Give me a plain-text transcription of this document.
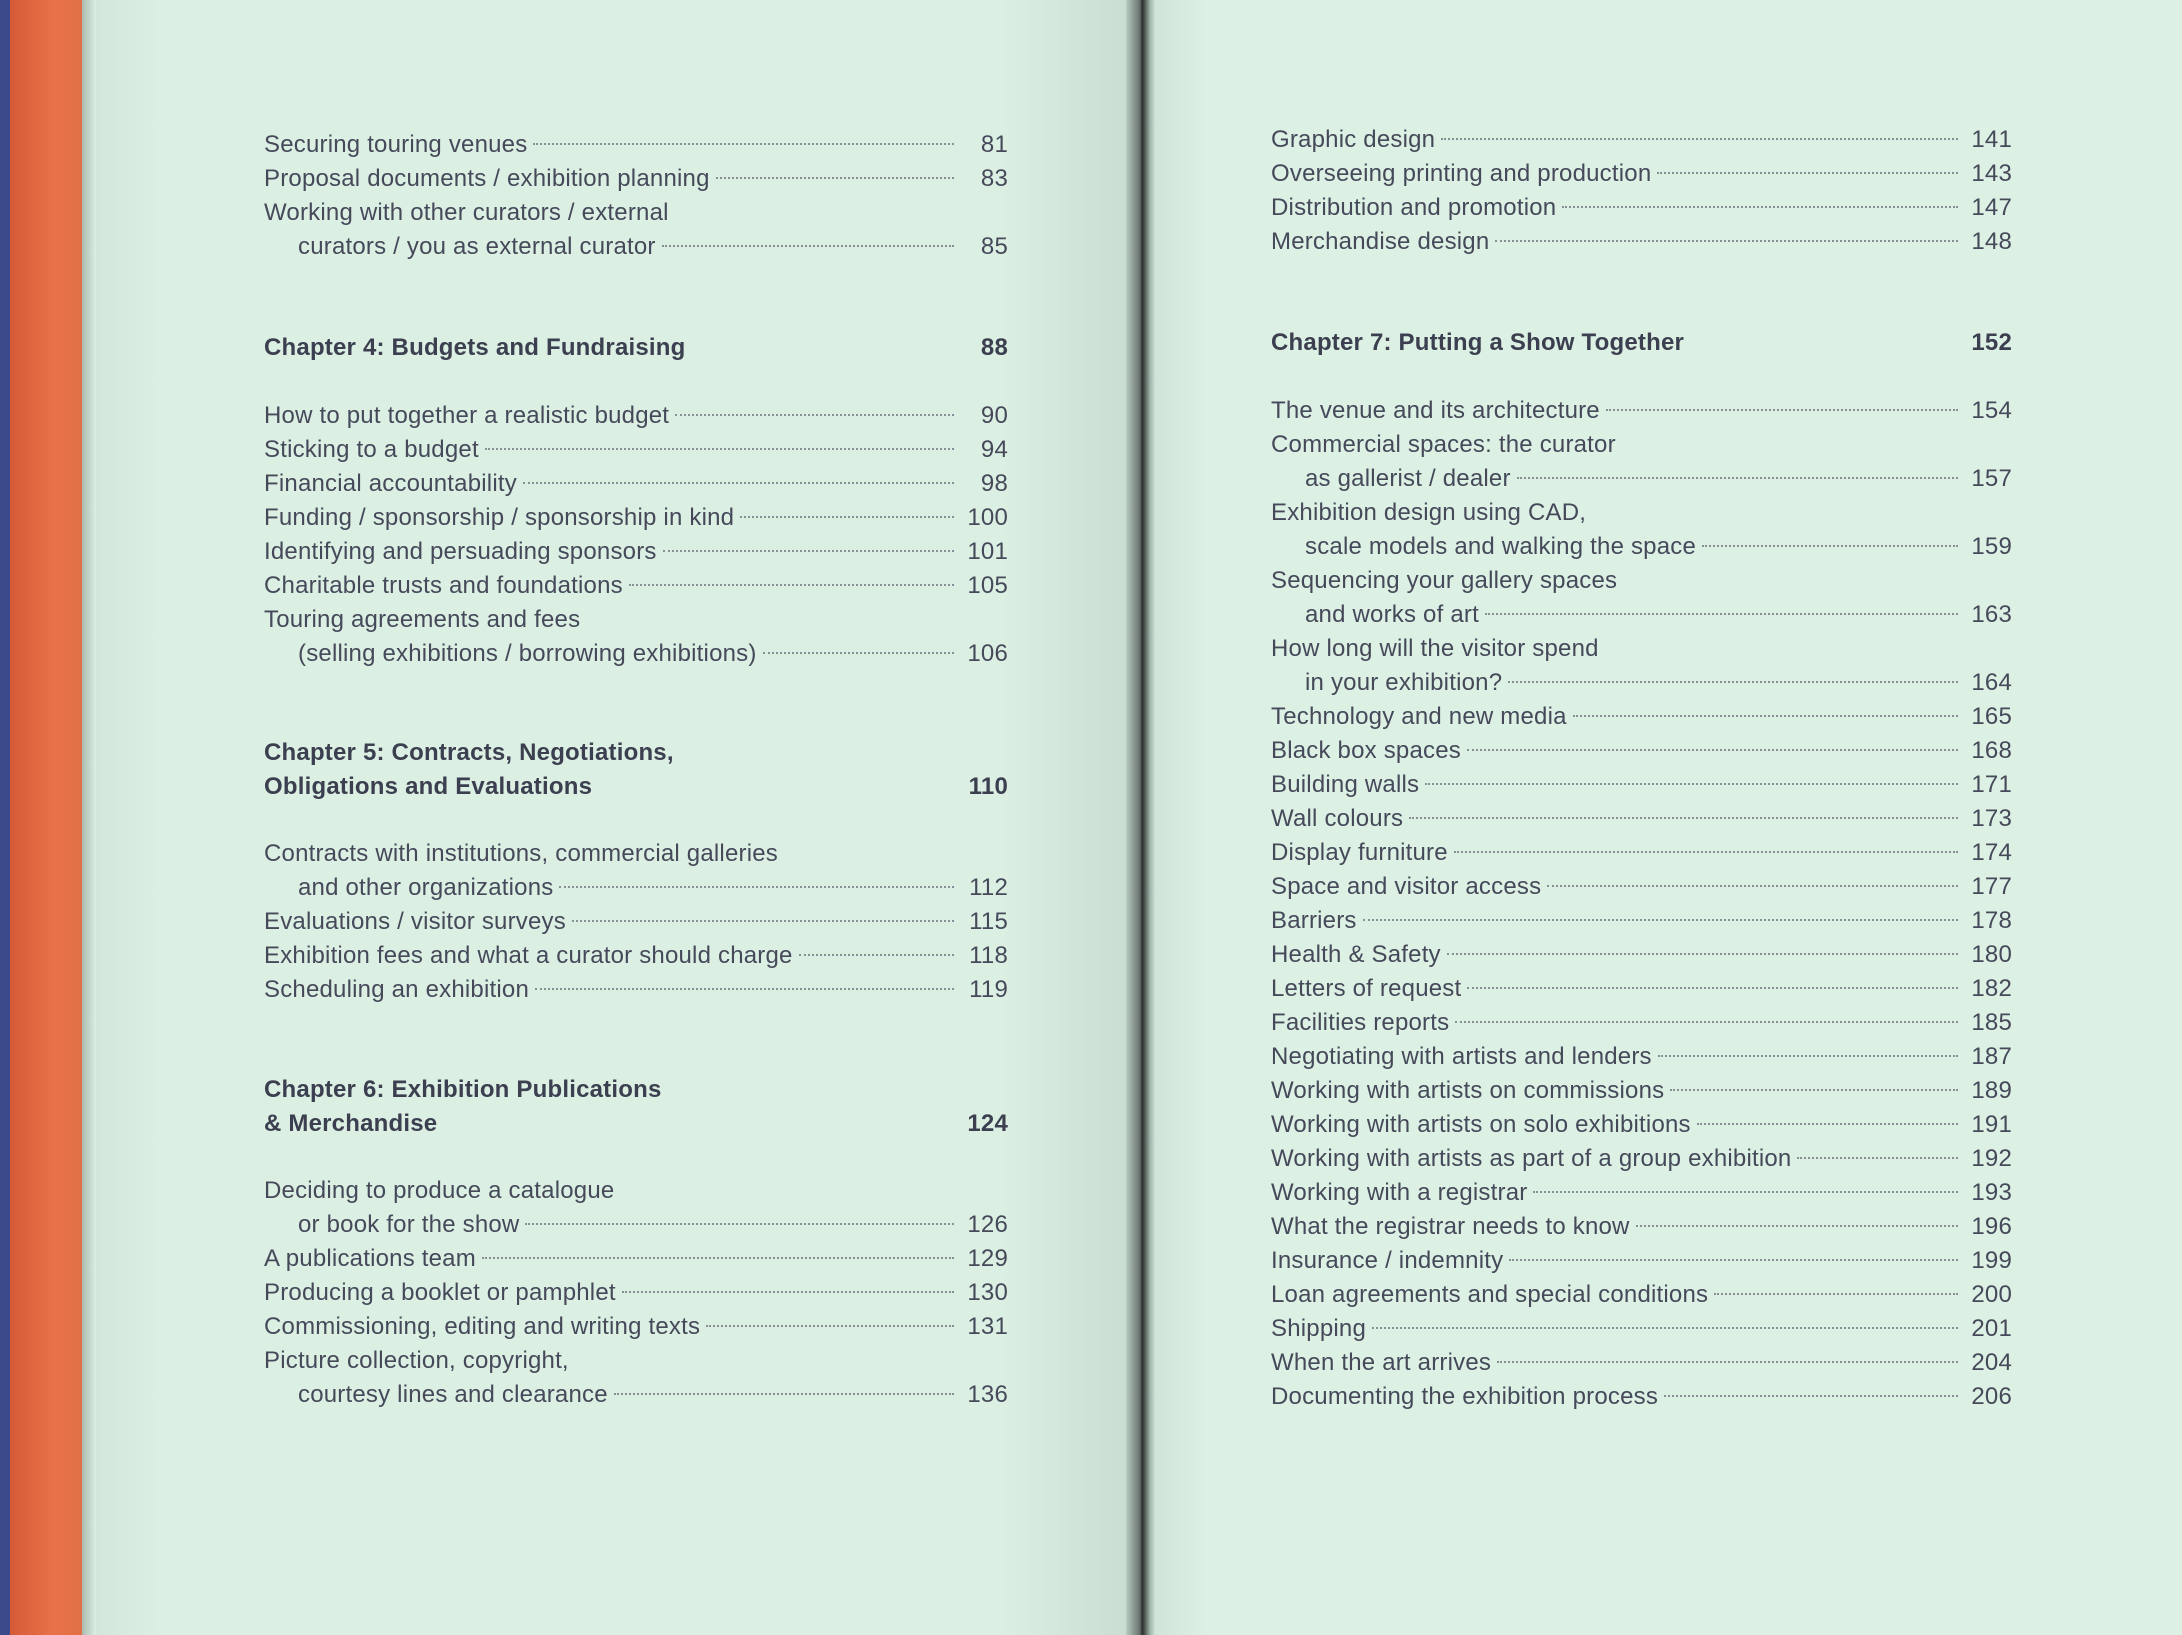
Securing touring venues	81
Proposal documents / exhibition planning	83
Working with other curators / external
curators / you as external curator	85
Chapter 4: Budgets and Fundraising	88
How to put together a realistic budget	90
Sticking to a budget	94
Financial accountability	98
Funding / sponsorship / sponsorship in kind	100
Identifying and persuading sponsors	101
Charitable trusts and foundations	105
Touring agreements and fees
(selling exhibitions / borrowing exhibitions)	106
Chapter 5: Contracts, Negotiations,
Obligations and Evaluations	110
Contracts with institutions, commercial galleries
and other organizations	112
Evaluations / visitor surveys	115
Exhibition fees and what a curator should charge	118
Scheduling an exhibition	119
Chapter 6: Exhibition Publications
& Merchandise	124
Deciding to produce a catalogue
or book for the show	126
A publications team	129
Producing a booklet or pamphlet	130
Commissioning, editing and writing texts	131
Picture collection, copyright,
courtesy lines and clearance	136
Graphic design	141
Overseeing printing and production	143
Distribution and promotion	147
Merchandise design	148
Chapter 7: Putting a Show Together	152
The venue and its architecture	154
Commercial spaces: the curator
as gallerist / dealer	157
Exhibition design using CAD,
scale models and walking the space	159
Sequencing your gallery spaces
and works of art	163
How long will the visitor spend
in your exhibition?	164
Technology and new media	165
Black box spaces	168
Building walls	171
Wall colours	173
Display furniture	174
Space and visitor access	177
Barriers	178
Health & Safety	180
Letters of request	182
Facilities reports	185
Negotiating with artists and lenders	187
Working with artists on commissions	189
Working with artists on solo exhibitions	191
Working with artists as part of a group exhibition	192
Working with a registrar	193
What the registrar needs to know	196
Insurance / indemnity	199
Loan agreements and special conditions	200
Shipping	201
When the art arrives	204
Documenting the exhibition process	206
